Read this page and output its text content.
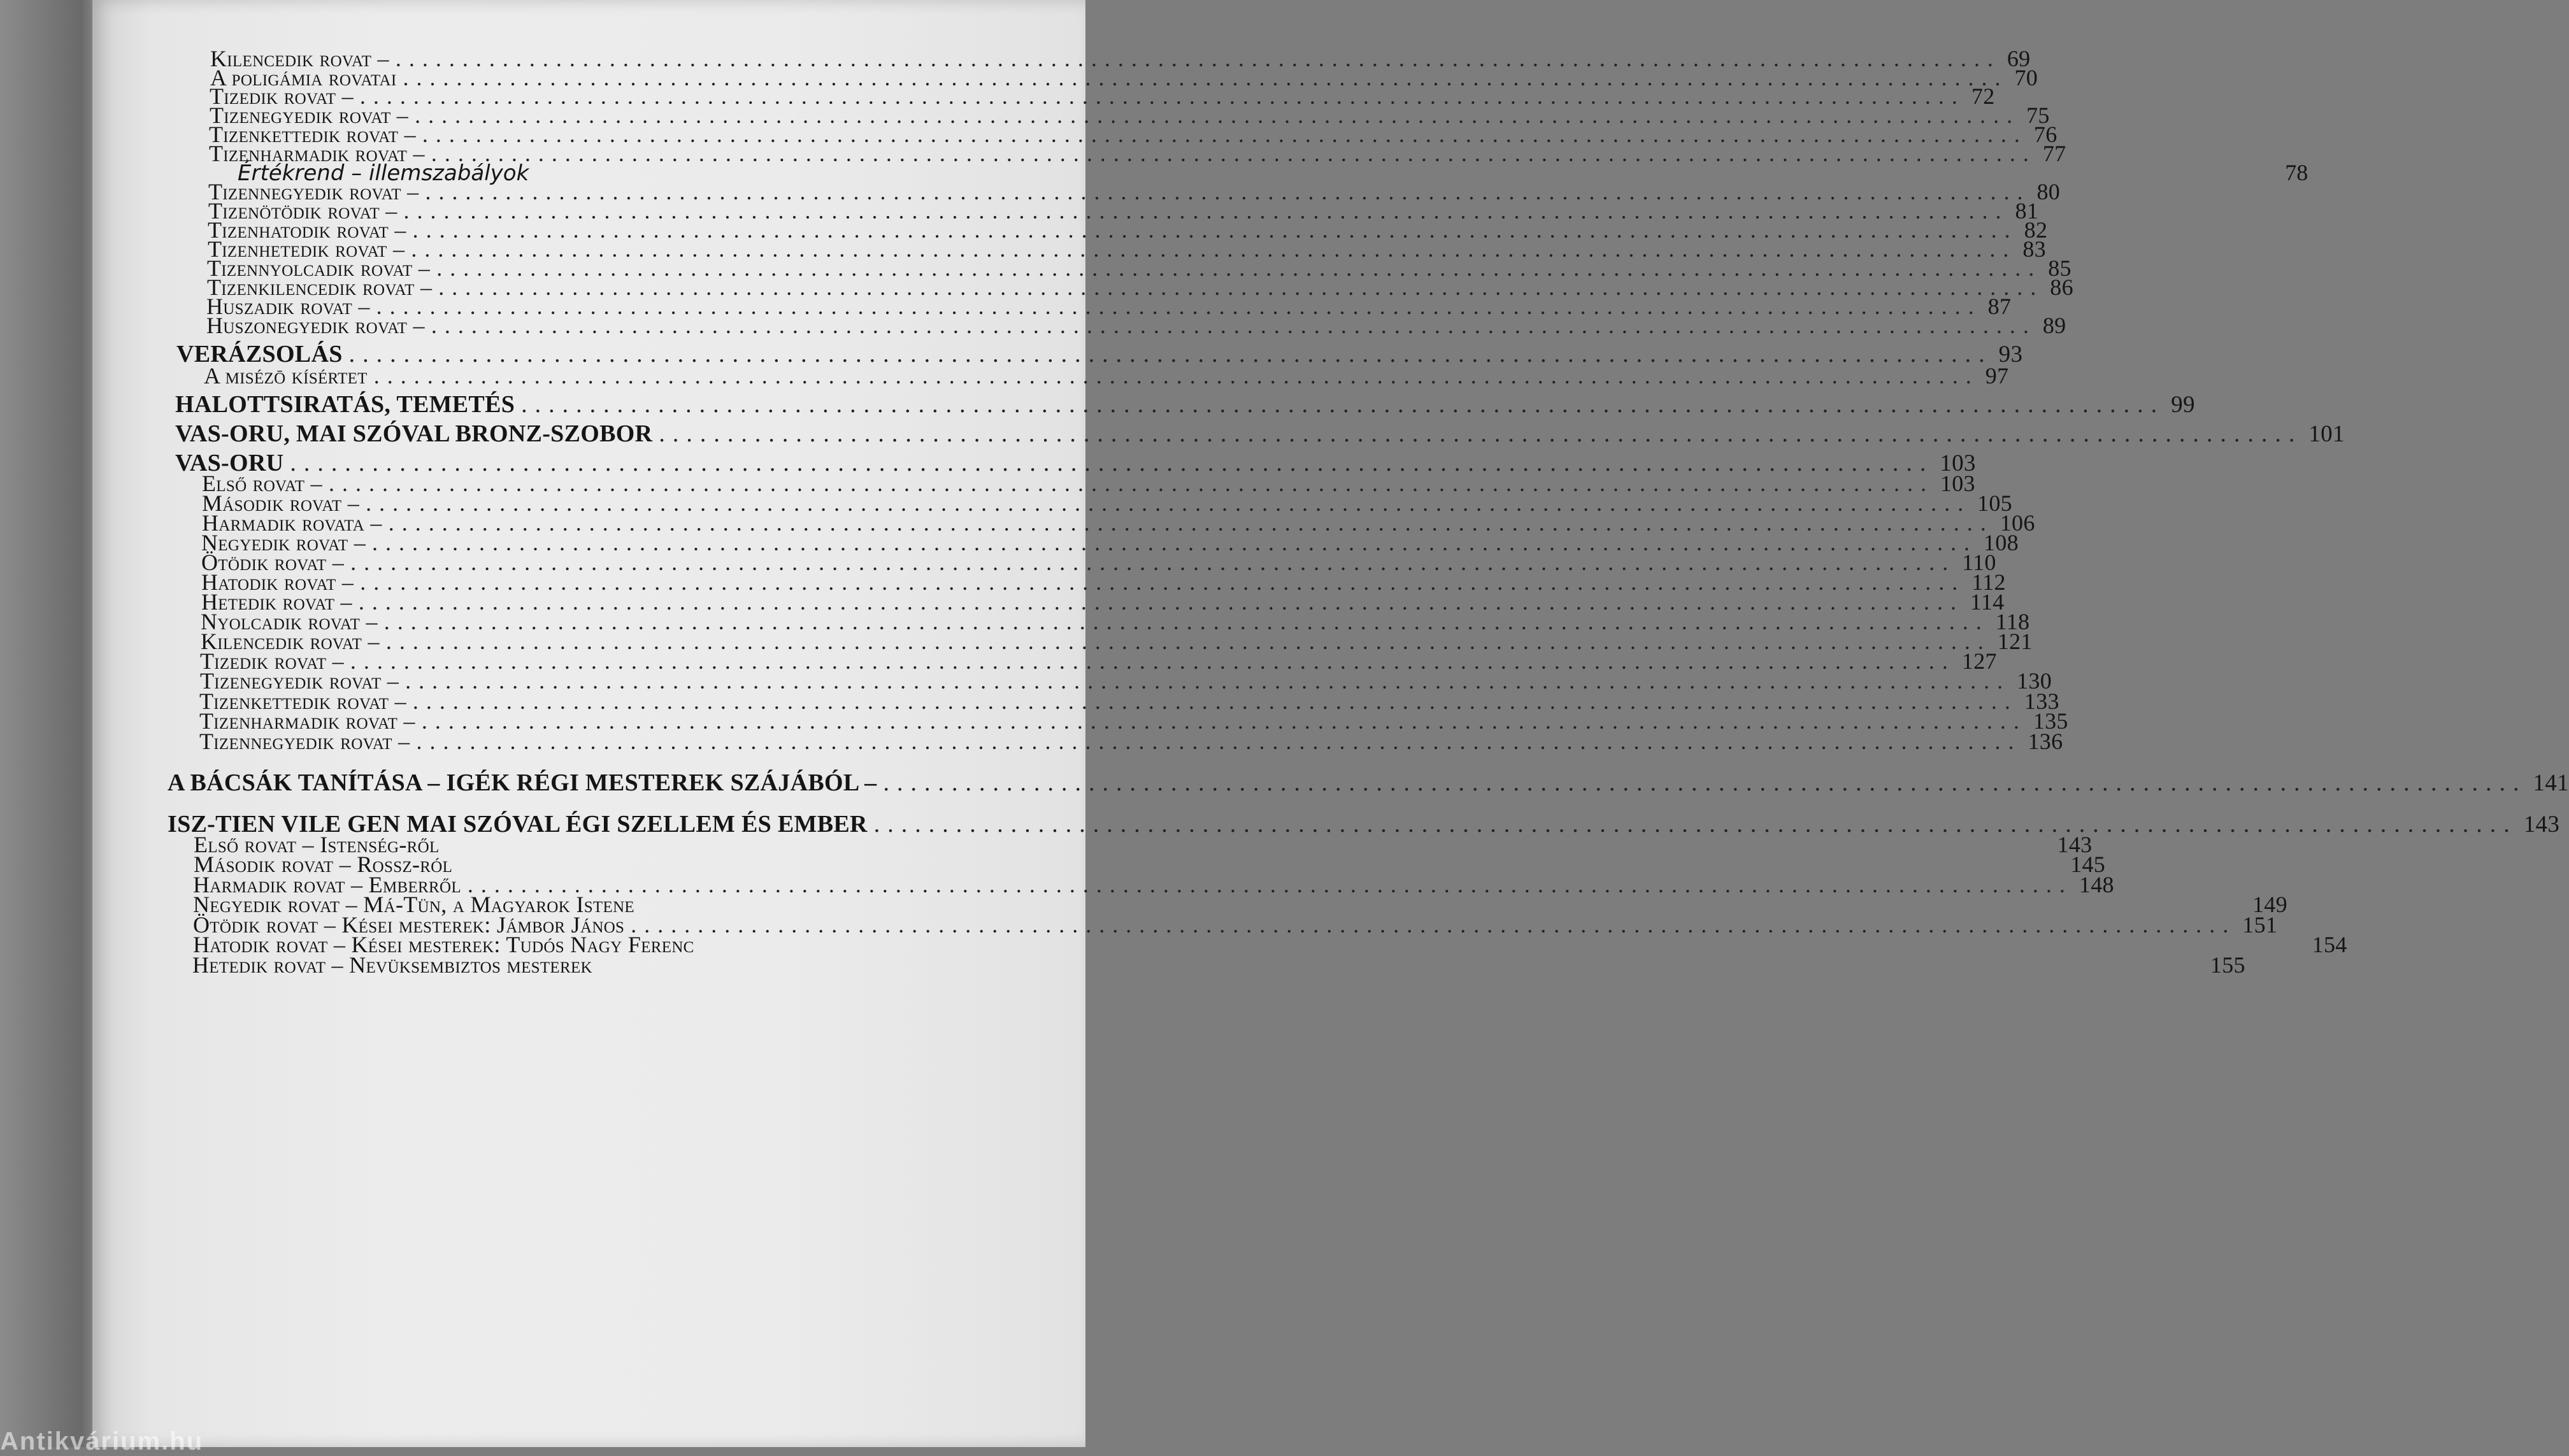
Kilencedik rovat – ........................................................................................................................ 69
A poligámia rovatai ........................................................................................................................ 70
Tizedik rovat – ........................................................................................................................ 72
Tizenegyedik rovat – ........................................................................................................................ 75
Tizenkettedik rovat – ........................................................................................................................ 76
Tizenharmadik rovat – ........................................................................................................................ 77
Értékrend – illemszabályok	78
Tizennegyedik rovat – ........................................................................................................................ 80
Tizenötödik rovat – ........................................................................................................................ 81
Tizenhatodik rovat – ........................................................................................................................ 82
Tizenhetedik rovat – ........................................................................................................................ 83
Tizennyolcadik rovat – ........................................................................................................................ 85
Tizenkilencedik rovat – ........................................................................................................................ 86
Huszadik rovat – ........................................................................................................................ 87
Huszonegyedik rovat – ........................................................................................................................ 89
VERÁZSOLÁS ........................................................................................................................ 93
A misézō kísértet ........................................................................................................................ 97
HALOTTSIRATÁS, TEMETÉS ........................................................................................................................ 99
VAS-ORU, MAI SZÓVAL BRONZ-SZOBOR ........................................................................................................................ 101
VAS-ORU ........................................................................................................................ 103
Első rovat – ........................................................................................................................ 103
Második rovat – ........................................................................................................................ 105
Harmadik rovata – ........................................................................................................................ 106
Negyedik rovat – ........................................................................................................................ 108
Ötödik rovat – ........................................................................................................................ 110
Hatodik rovat – ........................................................................................................................ 112
Hetedik rovat – ........................................................................................................................ 114
Nyolcadik rovat – ........................................................................................................................ 118
Kilencedik rovat – ........................................................................................................................ 121
Tizedik rovat – ........................................................................................................................ 127
Tizenegyedik rovat – ........................................................................................................................ 130
Tizenkettedik rovat – ........................................................................................................................ 133
Tizenharmadik rovat – ........................................................................................................................ 135
Tizennegyedik rovat – ........................................................................................................................ 136
A BÁCSÁK TANÍTÁSA – IGÉK RÉGI MESTEREK SZÁJÁBÓL – ........................................................................................................................ 141
ISZ-TIEN VILE GEN MAI SZÓVAL ÉGI SZELLEM ÉS EMBER ........................................................................................................................ 143
Első rovat – Istenség-ről	143
Második rovat – Rossz-ról	145
Harmadik rovat – Emberről ........................................................................................................................ 148
Negyedik rovat – Má-Tün, a Magyarok Istene	149
Ötödik rovat – Kései mesterek: Jámbor János ........................................................................................................................ 151
Hatodik rovat – Kései mesterek: Tudós Nagy Ferenc	154
Hetedik rovat – Nevüksembiztos mesterek	155
Antikvárium.hu
